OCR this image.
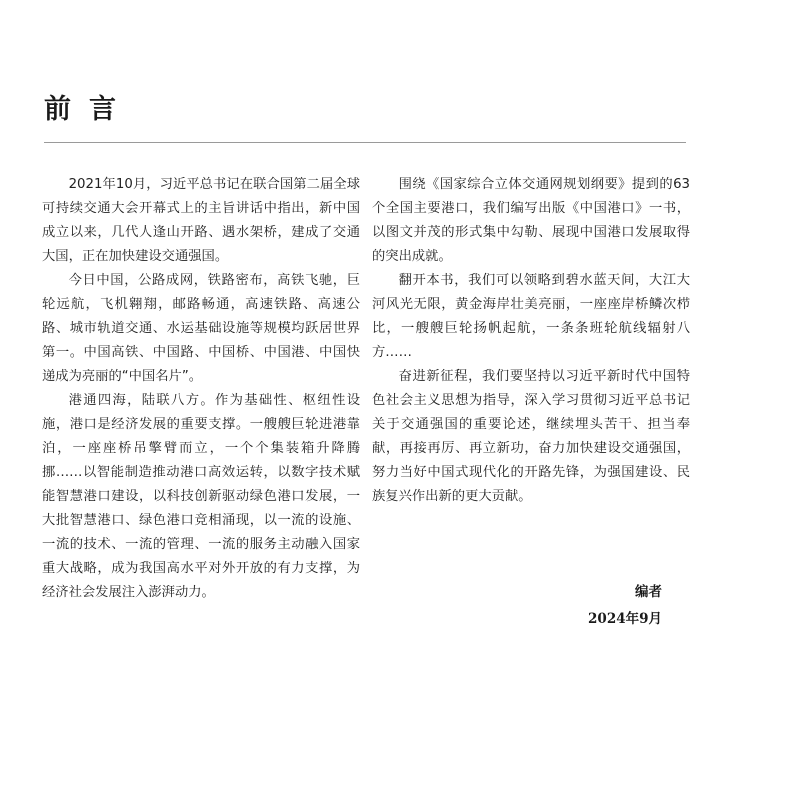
前言

2021年10月，习近平总书记在联合国第二届全球可持续交通大会开幕式上的主旨讲话中指出，新中国成立以来，几代人逢山开路、遇水架桥，建成了交通大国，正在加快建设交通强国。

今日中国，公路成网，铁路密布，高铁飞驰，巨轮远航，飞机翱翔，邮路畅通，高速铁路、高速公路、城市轨道交通、水运基础设施等规模均跃居世界第一。中国高铁、中国路、中国桥、中国港、中国快递成为亮丽的“中国名片”。

港通四海，陆联八方。作为基础性、枢纽性设施，港口是经济发展的重要支撑。一艘艘巨轮进港靠泊，一座座桥吊擎臂而立，一个个集装箱升降腾挪……以智能制造推动港口高效运转，以数字技术赋能智慧港口建设，以科技创新驱动绿色港口发展，一大批智慧港口、绿色港口竞相涌现，以一流的设施、一流的技术、一流的管理、一流的服务主动融入国家重大战略，成为我国高水平对外开放的有力支撑，为经济社会发展注入澎湃动力。

围绕《国家综合立体交通网规划纲要》提到的63个全国主要港口，我们编写出版《中国港口》一书，以图文并茂的形式集中勾勒、展现中国港口发展取得的突出成就。

翻开本书，我们可以领略到碧水蓝天间，大江大河风光无限，黄金海岸壮美亮丽，一座座岸桥鳞次栉比，一艘艘巨轮扬帆起航，一条条班轮航线辐射八方……

奋进新征程，我们要坚持以习近平新时代中国特色社会主义思想为指导，深入学习贯彻习近平总书记关于交通强国的重要论述，继续埋头苦干、担当奉献，再接再厉、再立新功，奋力加快建设交通强国，努力当好中国式现代化的开路先锋，为强国建设、民族复兴作出新的更大贡献。

编者
2024年9月
